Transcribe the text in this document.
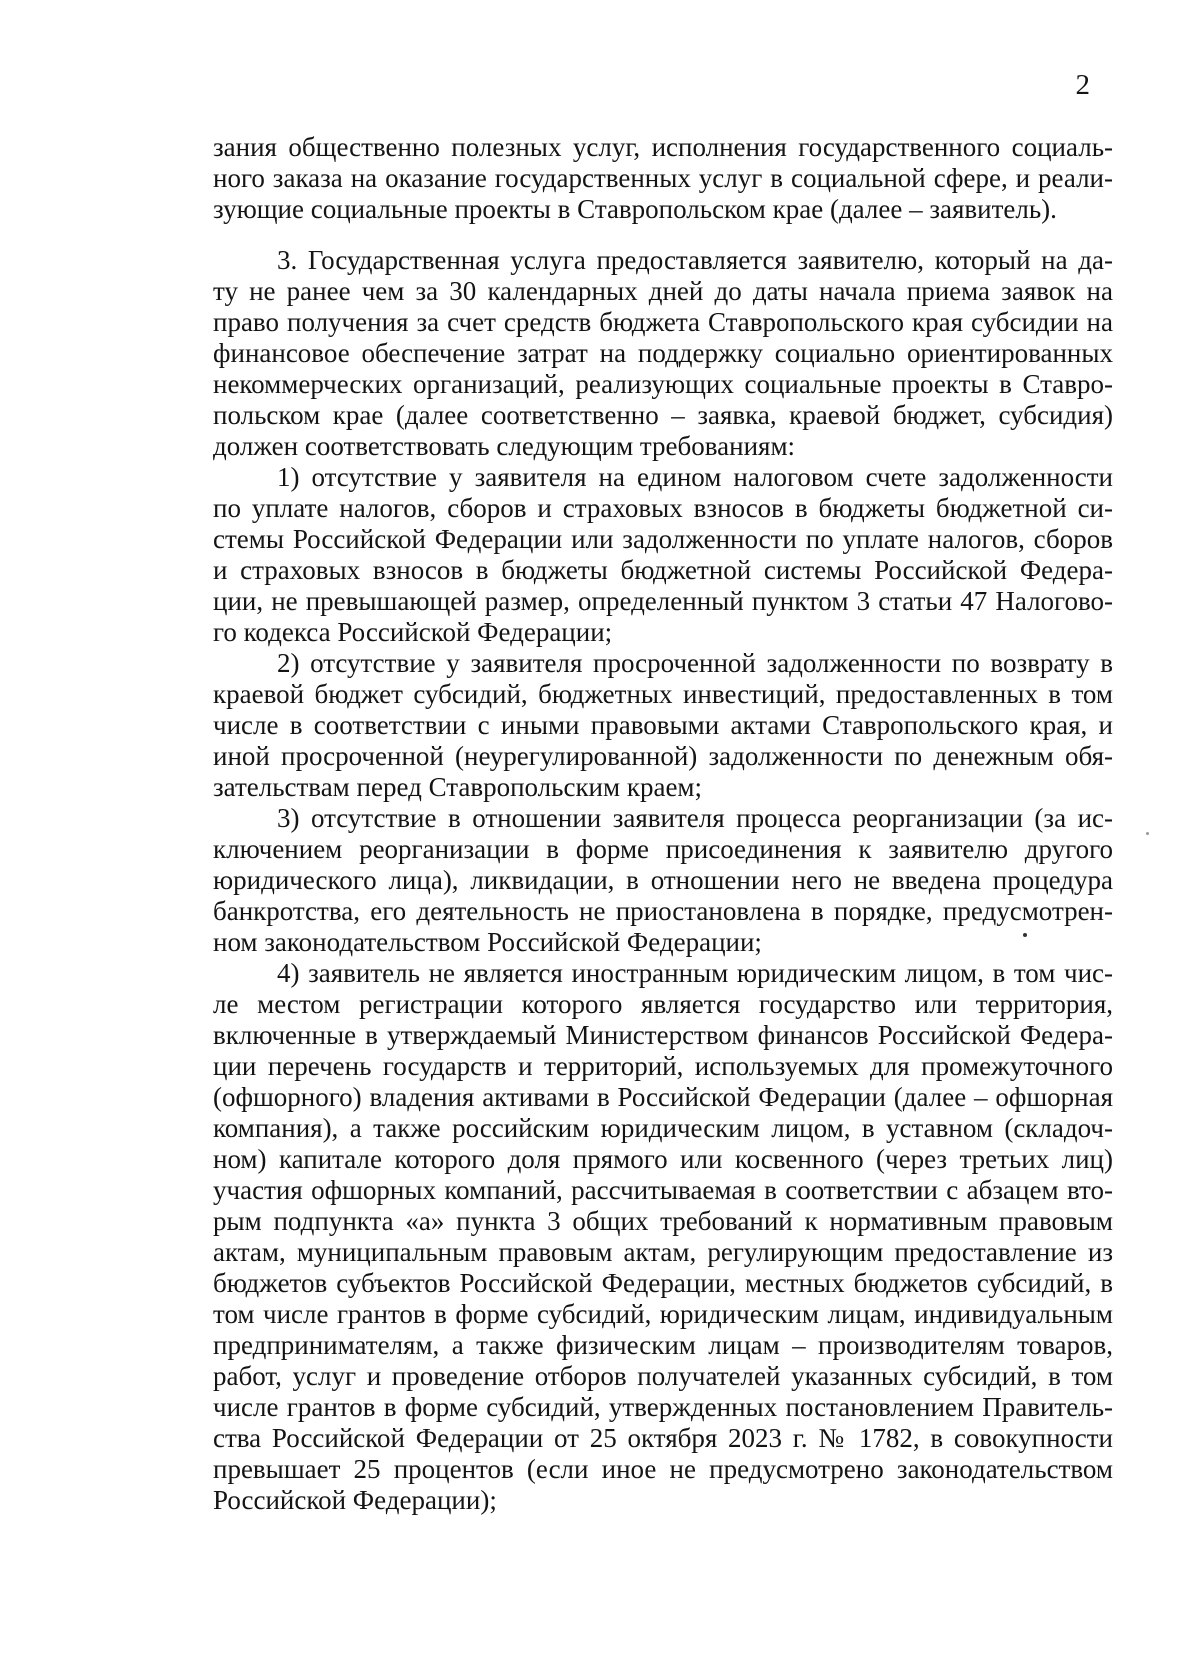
2
зания общественно полезных услуг, исполнения государственного социаль-
ного заказа на оказание государственных услуг в социальной сфере, и реали-
зующие социальные проекты в Ставропольском крае (далее – заявитель).
3. Государственная услуга предоставляется заявителю, который на да-
ту не ранее чем за 30 календарных дней до даты начала приема заявок на
право получения за счет средств бюджета Ставропольского края субсидии на
финансовое обеспечение затрат на поддержку социально ориентированных
некоммерческих организаций, реализующих социальные проекты в Ставро-
польском крае (далее соответственно – заявка, краевой бюджет, субсидия)
должен соответствовать следующим требованиям:
1) отсутствие у заявителя на едином налоговом счете задолженности
по уплате налогов, сборов и страховых взносов в бюджеты бюджетной си-
стемы Российской Федерации или задолженности по уплате налогов, сборов
и страховых взносов в бюджеты бюджетной системы Российской Федера-
ции, не превышающей размер, определенный пунктом 3 статьи 47 Налогово-
го кодекса Российской Федерации;
2) отсутствие у заявителя просроченной задолженности по возврату в
краевой бюджет субсидий, бюджетных инвестиций, предоставленных в том
числе в соответствии с иными правовыми актами Ставропольского края, и
иной просроченной (неурегулированной) задолженности по денежным обя-
зательствам перед Ставропольским краем;
3) отсутствие в отношении заявителя процесса реорганизации (за ис-
ключением реорганизации в форме присоединения к заявителю другого
юридического лица), ликвидации, в отношении него не введена процедура
банкротства, его деятельность не приостановлена в порядке, предусмотрен-
ном законодательством Российской Федерации;
4) заявитель не является иностранным юридическим лицом, в том чис-
ле местом регистрации которого является государство или территория,
включенные в утверждаемый Министерством финансов Российской Федера-
ции перечень государств и территорий, используемых для промежуточного
(офшорного) владения активами в Российской Федерации (далее – офшорная
компания), а также российским юридическим лицом, в уставном (складоч-
ном) капитале которого доля прямого или косвенного (через третьих лиц)
участия офшорных компаний, рассчитываемая в соответствии с абзацем вто-
рым подпункта «а» пункта 3 общих требований к нормативным правовым
актам, муниципальным правовым актам, регулирующим предоставление из
бюджетов субъектов Российской Федерации, местных бюджетов субсидий, в
том числе грантов в форме субсидий, юридическим лицам, индивидуальным
предпринимателям, а также физическим лицам – производителям товаров,
работ, услуг и проведение отборов получателей указанных субсидий, в том
числе грантов в форме субсидий, утвержденных постановлением Правитель-
ства Российской Федерации от 25 октября 2023 г. № 1782, в совокупности
превышает 25 процентов (если иное не предусмотрено законодательством
Российской Федерации);
